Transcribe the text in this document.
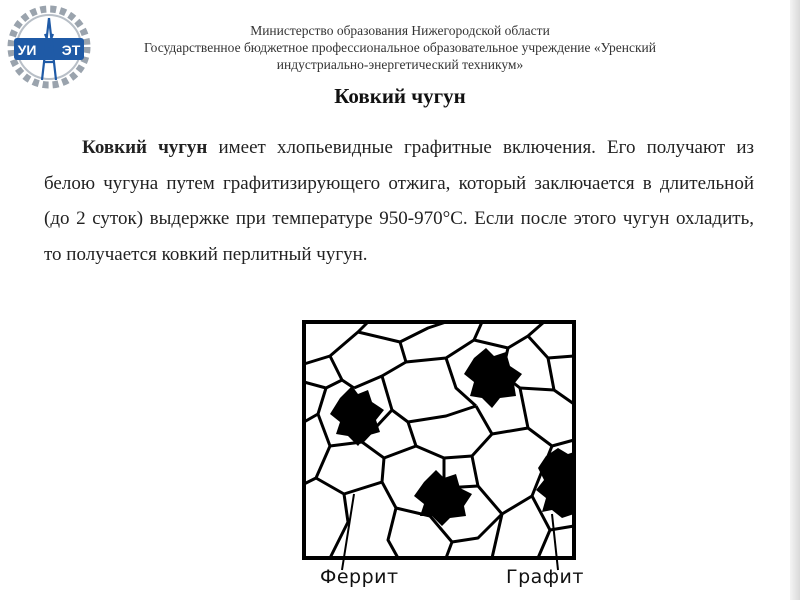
УИ ЭТ
Министерство образования Нижегородской области
Государственное бюджетное профессиональное образовательное учреждение «Уренский
индустриально-энергетический техникум»
Ковкий чугун
Ковкий чугун имеет хлопьевидные графитные включения. Его получают из белою чугуна путем графитизирующего отжига, который заключается в длительной (до 2 суток) выдержке при температуре 950-970°С. Если после этого чугун охладить, то получается ковкий перлитный чугун.
Феррит	Графит
